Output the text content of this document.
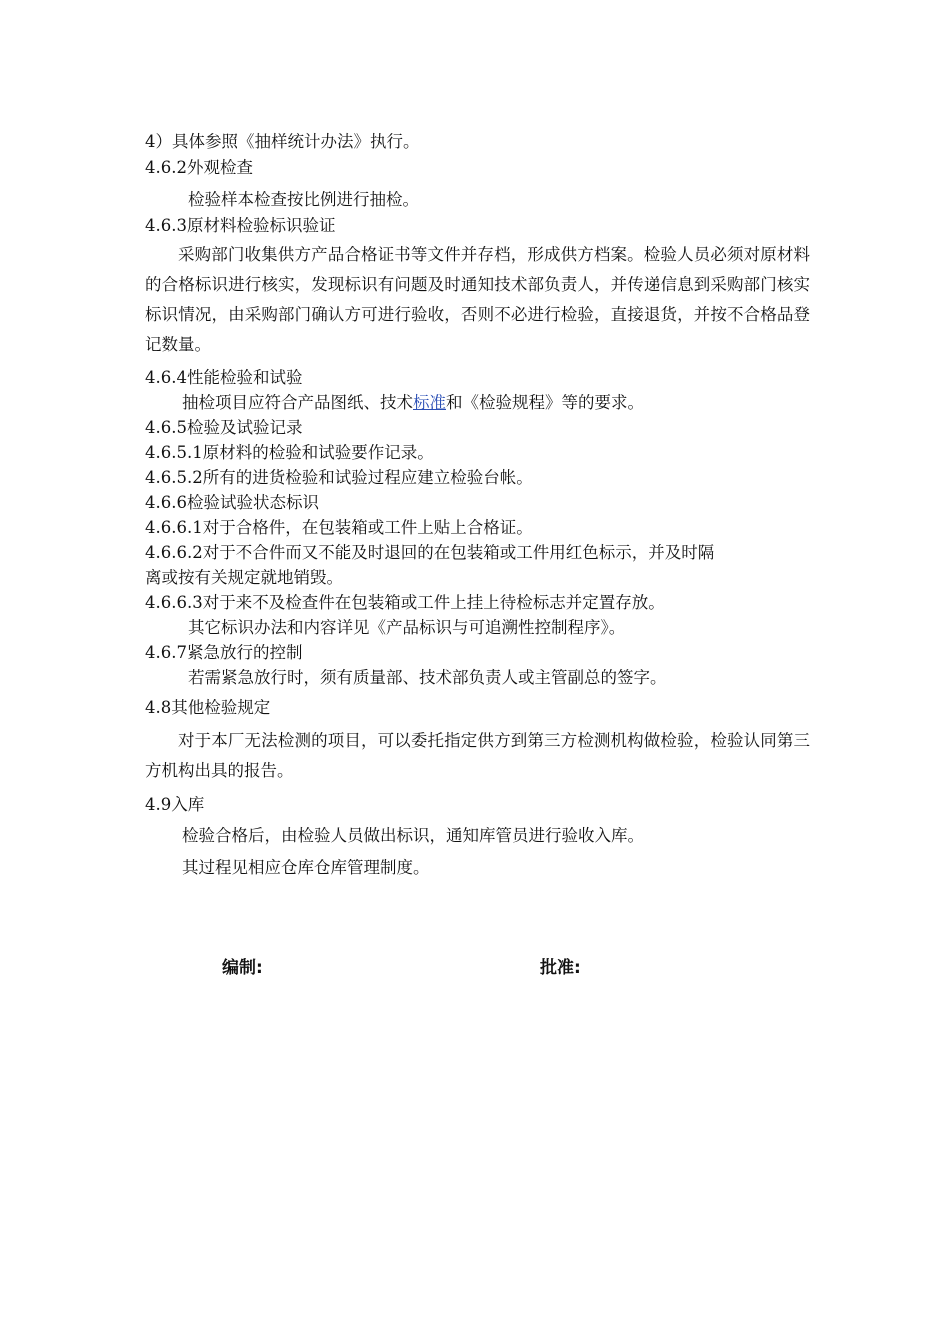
4）具体参照《抽样统计办法》执行。
4.6.2外观检查
检验样本检查按比例进行抽检。
4.6.3原材料检验标识验证
采购部门收集供方产品合格证书等文件并存档，形成供方档案。检验人员必须对原材料的合格标识进行核实，发现标识有问题及时通知技术部负责人，并传递信息到采购部门核实标识情况，由采购部门确认方可进行验收，否则不必进行检验，直接退货，并按不合格品登记数量。
4.6.4性能检验和试验
抽检项目应符合产品图纸、技术标准和《检验规程》等的要求。
4.6.5检验及试验记录
4.6.5.1原材料的检验和试验要作记录。
4.6.5.2所有的进货检验和试验过程应建立检验台帐。
4.6.6检验试验状态标识
4.6.6.1对于合格件，在包装箱或工件上贴上合格证。
4.6.6.2对于不合件而又不能及时退回的在包装箱或工件用红色标示，并及时隔
离或按有关规定就地销毁。
4.6.6.3对于来不及检查件在包装箱或工件上挂上待检标志并定置存放。
其它标识办法和内容详见《产品标识与可追溯性控制程序》。
4.6.7紧急放行的控制
若需紧急放行时，须有质量部、技术部负责人或主管副总的签字。
4.8其他检验规定
对于本厂无法检测的项目，可以委托指定供方到第三方检测机构做检验，检验认同第三方机构出具的报告。
4.9入库
检验合格后，由检验人员做出标识，通知库管员进行验收入库。
其过程见相应仓库仓库管理制度。
编制:	批准:
